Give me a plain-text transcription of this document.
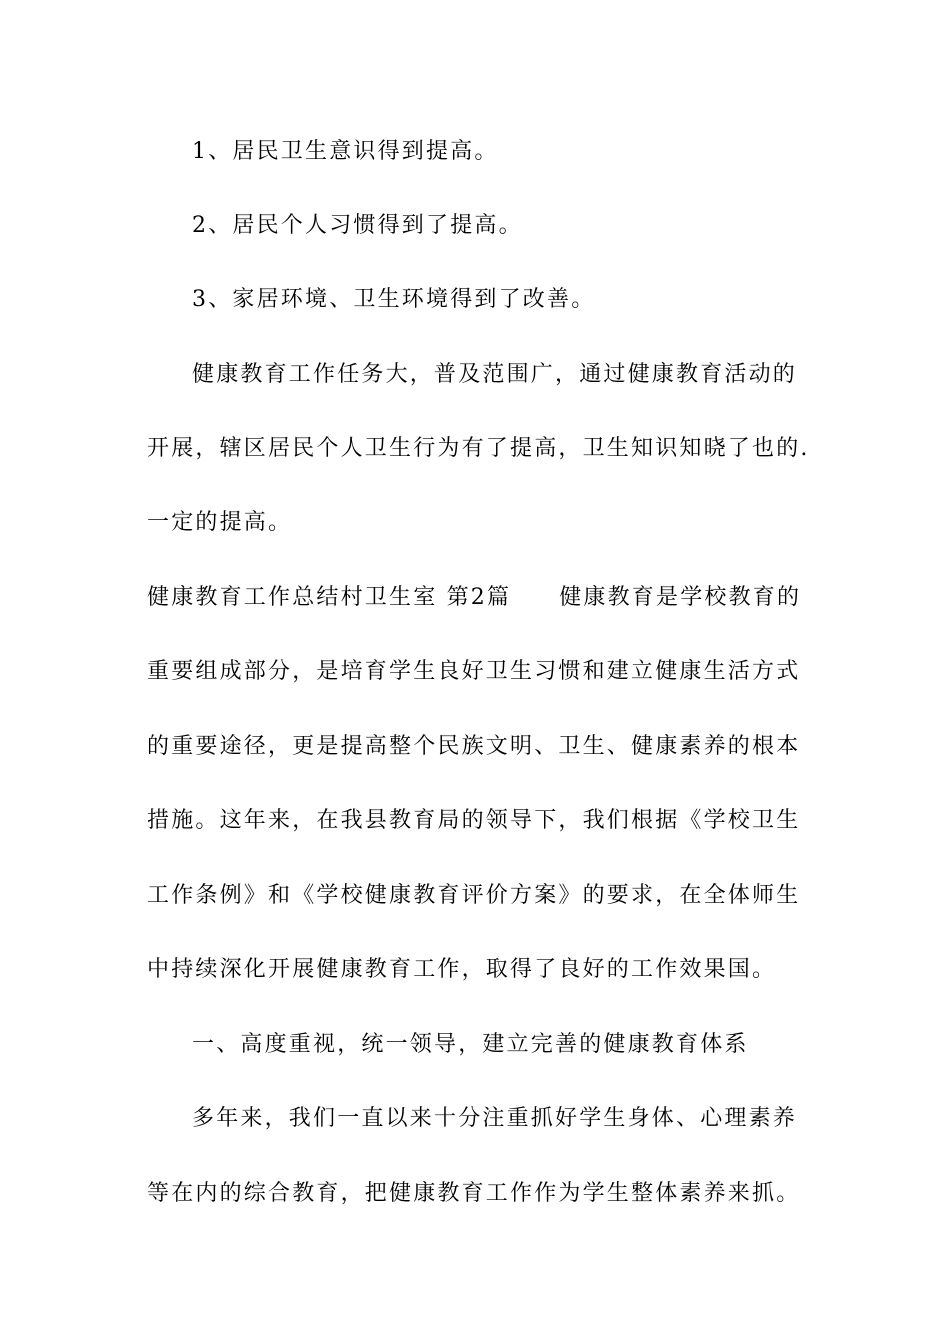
1、居民卫生意识得到提高。
2、居民个人习惯得到了提高。
3、家居环境、卫生环境得到了改善。
健康教育工作任务大，普及范围广，通过健康教育活动的
开展，辖区居民个人卫生行为有了提高，卫生知识知晓了也的.
一定的提高。
健康教育工作总结村卫生室 第2篇 健康教育是学校教育的
重要组成部分，是培育学生良好卫生习惯和建立健康生活方式
的重要途径，更是提高整个民族文明、卫生、健康素养的根本
措施。这年来，在我县教育局的领导下，我们根据《学校卫生
工作条例》和《学校健康教育评价方案》的要求，在全体师生
中持续深化开展健康教育工作，取得了良好的工作效果国。
一、高度重视，统一领导，建立完善的健康教育体系
多年来，我们一直以来十分注重抓好学生身体、心理素养
等在内的综合教育，把健康教育工作作为学生整体素养来抓。
